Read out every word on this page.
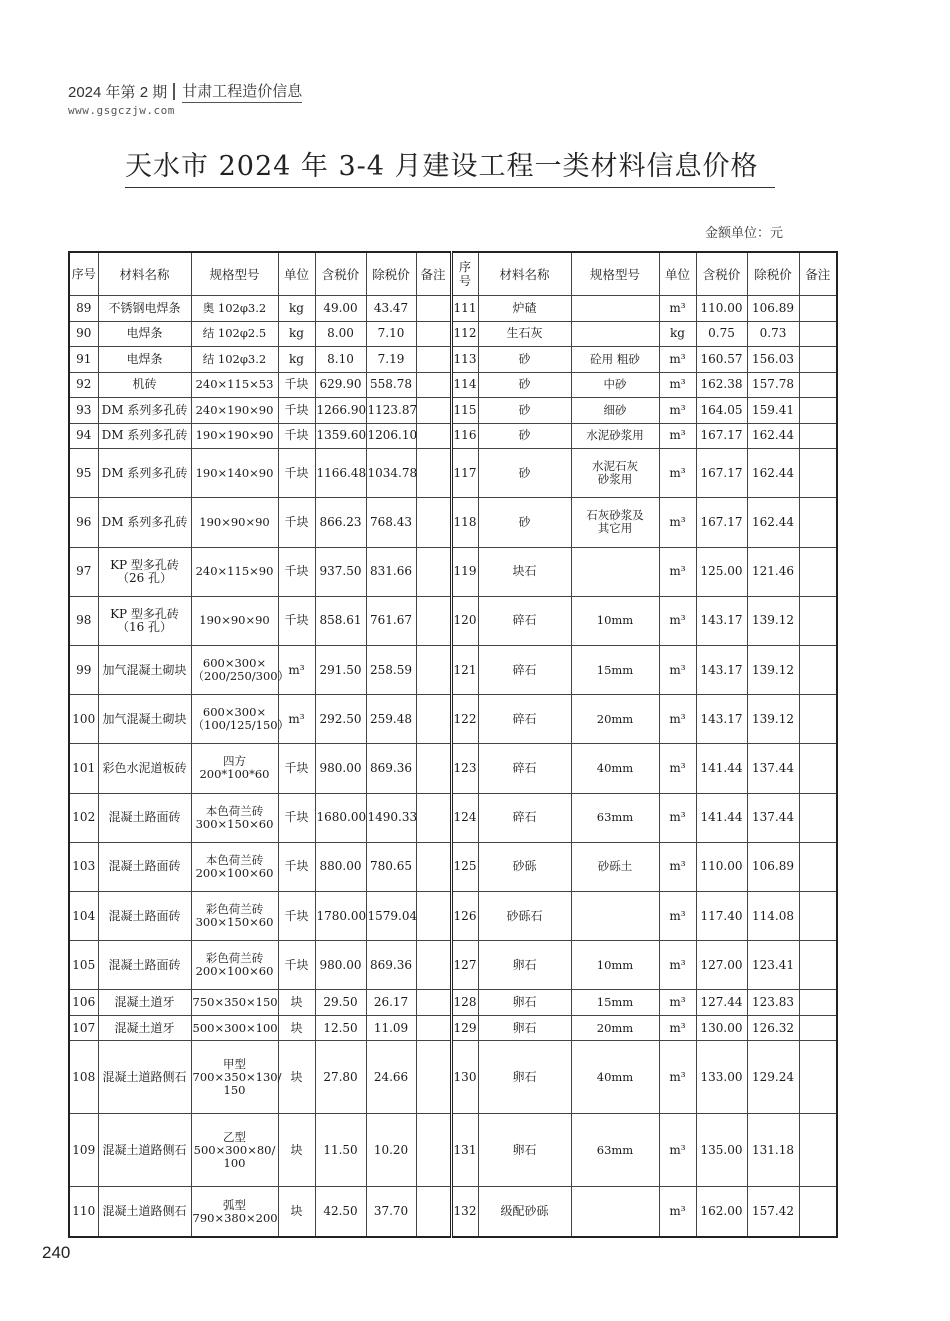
2024 年第 2 期 甘肃工程造价信息
www.gsgczjw.com
天水市 2024 年 3-4 月建设工程一类材料信息价格
金额单位：元
序号	材料名称	规格型号	单位	含税价	除税价	备注	序号	材料名称	规格型号	单位	含税价	除税价	备注
89	不锈钢电焊条	奥 102φ3.2	kg	49.00	43.47		111	炉碴		m³	110.00	106.89	
90	电焊条	结 102φ2.5	kg	8.00	7.10		112	生石灰		kg	0.75	0.73	
91	电焊条	结 102φ3.2	kg	8.10	7.19		113	砂	砼用 粗砂	m³	160.57	156.03	
92	机砖	240×115×53	千块	629.90	558.78		114	砂	中砂	m³	162.38	157.78	
93	DM 系列多孔砖	240×190×90	千块	1266.90	1123.87		115	砂	细砂	m³	164.05	159.41	
94	DM 系列多孔砖	190×190×90	千块	1359.60	1206.10		116	砂	水泥砂浆用	m³	167.17	162.44	
95	DM 系列多孔砖	190×140×90	千块	1166.48	1034.78		117	砂	水泥石灰
砂浆用	m³	167.17	162.44	
96	DM 系列多孔砖	190×90×90	千块	866.23	768.43		118	砂	石灰砂浆及
其它用	m³	167.17	162.44	
97	KP 型多孔砖
（26 孔）	240×115×90	千块	937.50	831.66		119	块石		m³	125.00	121.46	
98	KP 型多孔砖
（16 孔）	190×90×90	千块	858.61	761.67		120	碎石	10mm	m³	143.17	139.12	
99	加气混凝土砌块	600×300×
（200/250/300）	m³	291.50	258.59		121	碎石	15mm	m³	143.17	139.12	
100	加气混凝土砌块	600×300×
（100/125/150）	m³	292.50	259.48		122	碎石	20mm	m³	143.17	139.12	
101	彩色水泥道板砖	四方
200*100*60	千块	980.00	869.36		123	碎石	40mm	m³	141.44	137.44	
102	混凝土路面砖	本色荷兰砖
300×150×60	千块	1680.00	1490.33		124	碎石	63mm	m³	141.44	137.44	
103	混凝土路面砖	本色荷兰砖
200×100×60	千块	880.00	780.65		125	砂砾	砂砾土	m³	110.00	106.89	
104	混凝土路面砖	彩色荷兰砖
300×150×60	千块	1780.00	1579.04		126	砂砾石		m³	117.40	114.08	
105	混凝土路面砖	彩色荷兰砖
200×100×60	千块	980.00	869.36		127	卵石	10mm	m³	127.00	123.41	
106	混凝土道牙	750×350×150	块	29.50	26.17		128	卵石	15mm	m³	127.44	123.83	
107	混凝土道牙	500×300×100	块	12.50	11.09		129	卵石	20mm	m³	130.00	126.32	
108	混凝土道路侧石	甲型
700×350×130/
150	块	27.80	24.66		130	卵石	40mm	m³	133.00	129.24	
109	混凝土道路侧石	乙型
500×300×80/
100	块	11.50	10.20		131	卵石	63mm	m³	135.00	131.18	
110	混凝土道路侧石	弧型
790×380×200	块	42.50	37.70		132	级配砂砾		m³	162.00	157.42	
240
